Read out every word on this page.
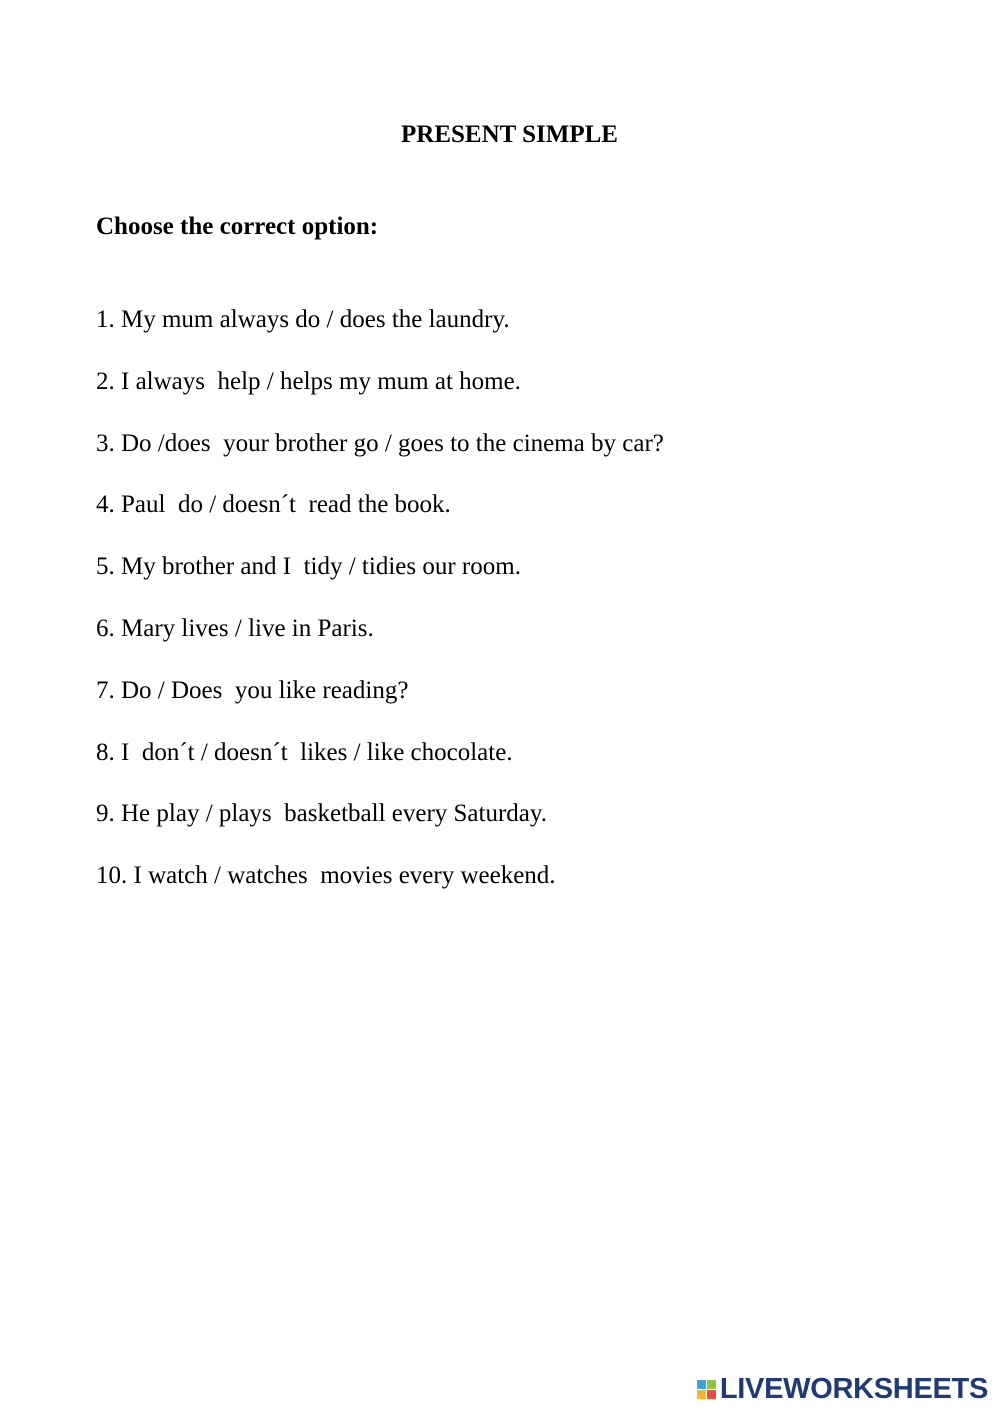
PRESENT SIMPLE
Choose the correct option:
1. My mum always do / does the laundry.
2. I always  help / helps my mum at home.
3. Do /does  your brother go / goes to the cinema by car?
4. Paul  do / doesn´t  read the book.
5. My brother and I  tidy / tidies our room.
6. Mary lives / live in Paris.
7. Do / Does  you like reading?
8. I  don´t / doesn´t  likes / like chocolate.
9. He play / plays  basketball every Saturday.
10. I watch / watches  movies every weekend.
LIVEWORKSHEETS
